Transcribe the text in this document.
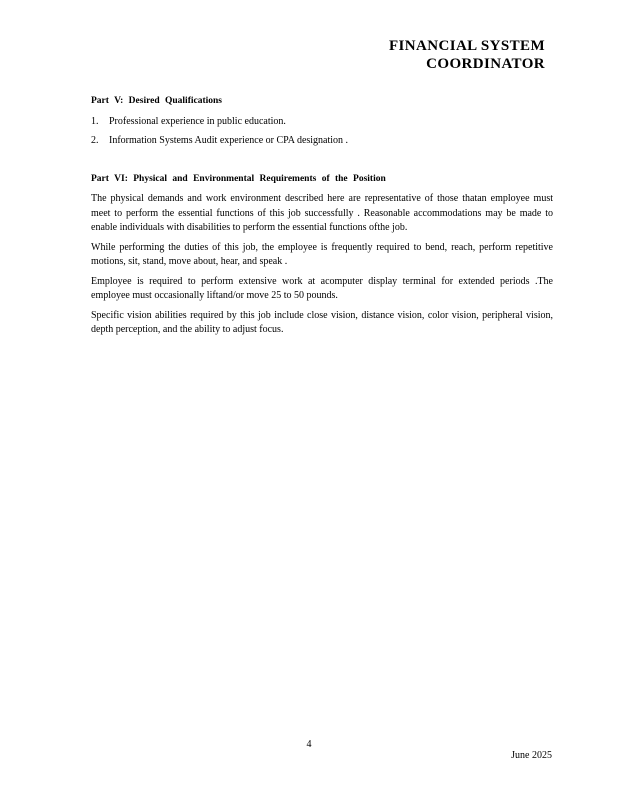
FINANCIAL SYSTEM
COORDINATOR
Part V: Desired Qualifications
1.	Professional experience in public education.
2.	Information Systems Audit experience or CPA designation .
Part VI: Physical and Environmental Requirements of the Position

The physical demands and work environment described here are representative of those thatan employee must meet to perform the essential functions of this job successfully . Reasonable accommodations may be made to enable individuals with disabilities to perform the essential functions ofthe job.

While performing the duties of this job, the employee is frequently required to bend, reach, perform repetitive motions, sit, stand, move about, hear, and speak .

Employee is required to perform extensive work at acomputer display terminal for extended periods .The employee must occasionally liftand/or move 25 to 50 pounds.

Specific vision abilities required by this job include close vision, distance vision, color vision, peripheral vision, depth perception, and the ability to adjust focus.

4
June 2025
